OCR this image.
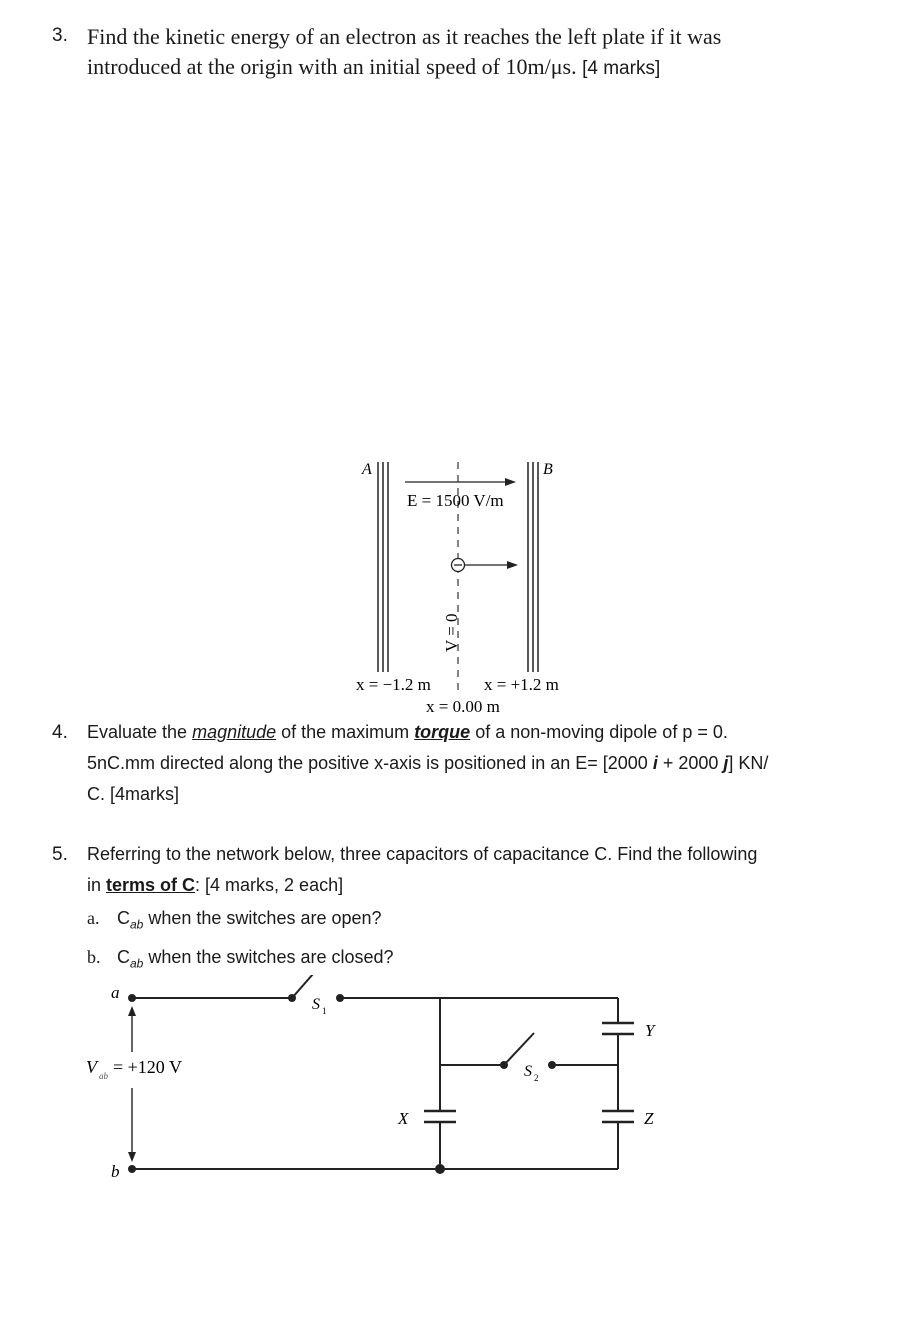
3. Find the kinetic energy of an electron as it reaches the left plate if it was
introduced at the origin with an initial speed of 10m/μs. [4 marks]
A	B
E = 1500 V/m
V = 0
x = −1.2 m	x = +1.2 m
x = 0.00 m
4. Evaluate the magnitude of the maximum torque of a non-moving dipole of p = 0.
5nC.mm directed along the positive x-axis is positioned in an E= [2000 i + 2000 j] KN/
C. [4marks]
5. Referring to the network below, three capacitors of capacitance C. Find the following
in terms of C: [4 marks, 2 each]
a. $C_{ab}$ when the switches are open?
b. $C_{ab}$ when the switches are closed?
a
b
V ab = +120 V
S 1
S 2
X
Y
Z
